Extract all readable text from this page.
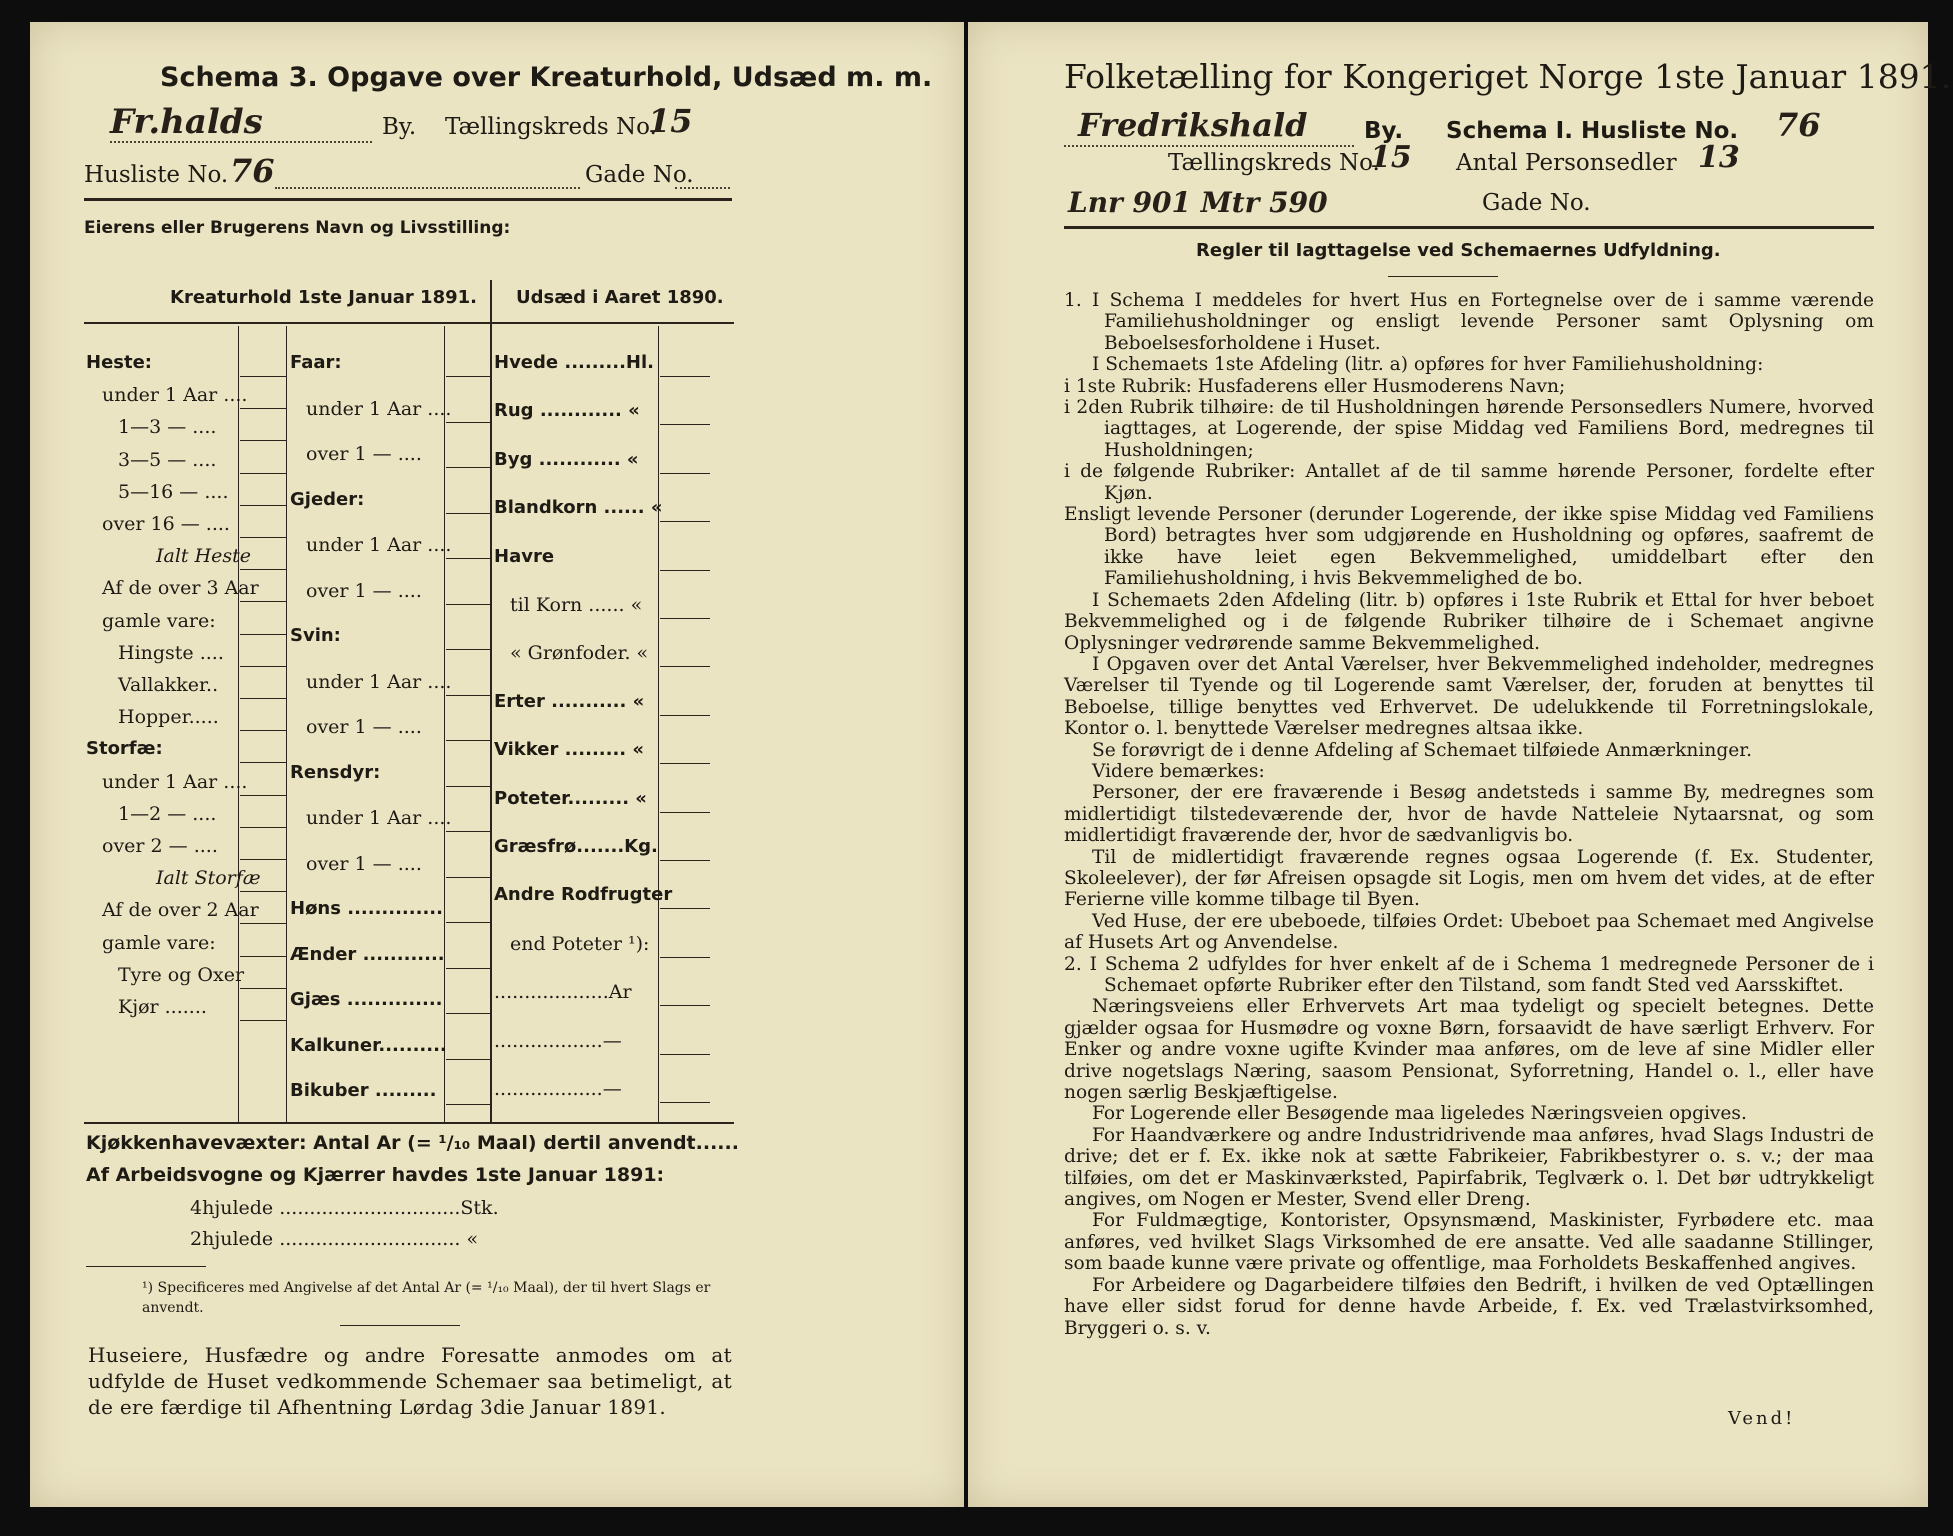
Schema 3. Opgave over Kreaturhold, Udsæd m. m.
Fr.halds	By. Tællingskreds No.
15
Husliste No. 76	Gade No.
Eierens eller Brugerens Navn og Livsstilling:
Kreaturhold 1ste Januar 1891. Udsæd i Aaret 1890.
Heste:
under 1 Aar ....
1—3 — ....
3—5 — ....
5—16 — ....
over 16 — ....
Ialt Heste
Af de over 3 Aar
gamle vare:
Hingste ....
Vallakker..
Hopper.....
Storfæ:
under 1 Aar ....
1—2 — ....
over 2 — ....
Ialt Storfæ
Af de over 2 Aar
gamle vare:
Tyre og Oxer
Kjør .......
Faar:
under 1 Aar ....
over 1 — ....
Gjeder:
under 1 Aar ....
over 1 — ....
Svin:
under 1 Aar ....
over 1 — ....
Rensdyr:
under 1 Aar ....
over 1 — ....
Høns ..............
Ænder ............
Gjæs ..............
Kalkuner..........
Bikuber .........
Hvede .........Hl.
Rug ............ «
Byg ............ «
Blandkorn ...... «
Havre
til Korn ...... «
« Grønfoder. «
Erter ........... «
Vikker ......... «
Poteter......... «
Græsfrø.......Kg.
Andre Rodfrugter
end Poteter ¹):
...................Ar
..................—
..................—
Kjøkkenhavevæxter: Antal Ar (= ¹/₁₀ Maal) dertil anvendt......
Af Arbeidsvogne og Kjærrer havdes 1ste Januar 1891:
4hjulede ..............................Stk.
2hjulede .............................. «
¹) Specificeres med Angivelse af det Antal Ar (= ¹/₁₀ Maal), der til hvert Slags er anvendt.
Huseiere, Husfædre og andre Foresatte anmodes om at udfylde de Huset vedkommende Schemaer saa betimeligt, at de ere færdige til Afhentning Lørdag 3die Januar 1891.
Folketælling for Kongeriget Norge 1ste Januar 1891.
Fredrikshald By. Schema I. Husliste No. 76
Tællingskreds No.
15 Antal Personsedler 13
Lnr 901 Mtr 590	Gade No.
Regler til Iagttagelse ved Schemaernes Udfyldning.

1. I Schema I meddeles for hvert Hus en Fortegnelse over de i samme værende Familiehusholdninger og ensligt levende Personer samt Oplysning om Beboelsesforholdene i Huset.

I Schemaets 1ste Afdeling (litr. a) opføres for hver Familiehusholdning:

i 1ste Rubrik: Husfaderens eller Husmoderens Navn;

i 2den Rubrik tilhøire: de til Husholdningen hørende Personsedlers Numere, hvorved iagttages, at Logerende, der spise Middag ved Familiens Bord, medregnes til Husholdningen;

i de følgende Rubriker: Antallet af de til samme hørende Personer, fordelte efter Kjøn.

Ensligt levende Personer (derunder Logerende, der ikke spise Middag ved Familiens Bord) betragtes hver som udgjørende en Husholdning og opføres, saafremt de ikke have leiet egen Bekvemmelighed, umiddelbart efter den Familiehusholdning, i hvis Bekvemmelighed de bo.

I Schemaets 2den Afdeling (litr. b) opføres i 1ste Rubrik et Ettal for hver beboet Bekvemmelighed og i de følgende Rubriker tilhøire de i Schemaet angivne Oplysninger vedrørende samme Bekvemmelighed.

I Opgaven over det Antal Værelser, hver Bekvemmelighed indeholder, medregnes Værelser til Tyende og til Logerende samt Værelser, der, foruden at benyttes til Beboelse, tillige benyttes ved Erhvervet. De udelukkende til Forretningslokale, Kontor o. l. benyttede Værelser medregnes altsaa ikke.

Se forøvrigt de i denne Afdeling af Schemaet tilføiede Anmærkninger.

Videre bemærkes:

Personer, der ere fraværende i Besøg andetsteds i samme By, medregnes som midlertidigt tilstedeværende der, hvor de havde Natteleie Nytaarsnat, og som midlertidigt fraværende der, hvor de sædvanligvis bo.

Til de midlertidigt fraværende regnes ogsaa Logerende (f. Ex. Studenter, Skoleelever), der før Afreisen opsagde sit Logis, men om hvem det vides, at de efter Ferierne ville komme tilbage til Byen.

Ved Huse, der ere ubeboede, tilføies Ordet: Ubeboet paa Schemaet med Angivelse af Husets Art og Anvendelse.

2. I Schema 2 udfyldes for hver enkelt af de i Schema 1 medregnede Personer de i Schemaet opførte Rubriker efter den Tilstand, som fandt Sted ved Aarsskiftet.

Næringsveiens eller Erhvervets Art maa tydeligt og specielt betegnes. Dette gjælder ogsaa for Husmødre og voxne Børn, forsaavidt de have særligt Erhverv. For Enker og andre voxne ugifte Kvinder maa anføres, om de leve af sine Midler eller drive nogetslags Næring, saasom Pensionat, Syforretning, Handel o. l., eller have nogen særlig Beskjæftigelse.

For Logerende eller Besøgende maa ligeledes Næringsveien opgives.

For Haandværkere og andre Industridrivende maa anføres, hvad Slags Industri de drive; det er f. Ex. ikke nok at sætte Fabrikeier, Fabrikbestyrer o. s. v.; der maa tilføies, om det er Maskinværksted, Papirfabrik, Teglværk o. l. Det bør udtrykkeligt angives, om Nogen er Mester, Svend eller Dreng.

For Fuldmægtige, Kontorister, Opsynsmænd, Maskinister, Fyrbødere etc. maa anføres, ved hvilket Slags Virksomhed de ere ansatte. Ved alle saadanne Stillinger, som baade kunne være private og offentlige, maa Forholdets Beskaffenhed angives.

For Arbeidere og Dagarbeidere tilføies den Bedrift, i hvilken de ved Optællingen have eller sidst forud for denne havde Arbeide, f. Ex. ved Trælastvirksomhed, Bryggeri o. s. v.

Vend!
